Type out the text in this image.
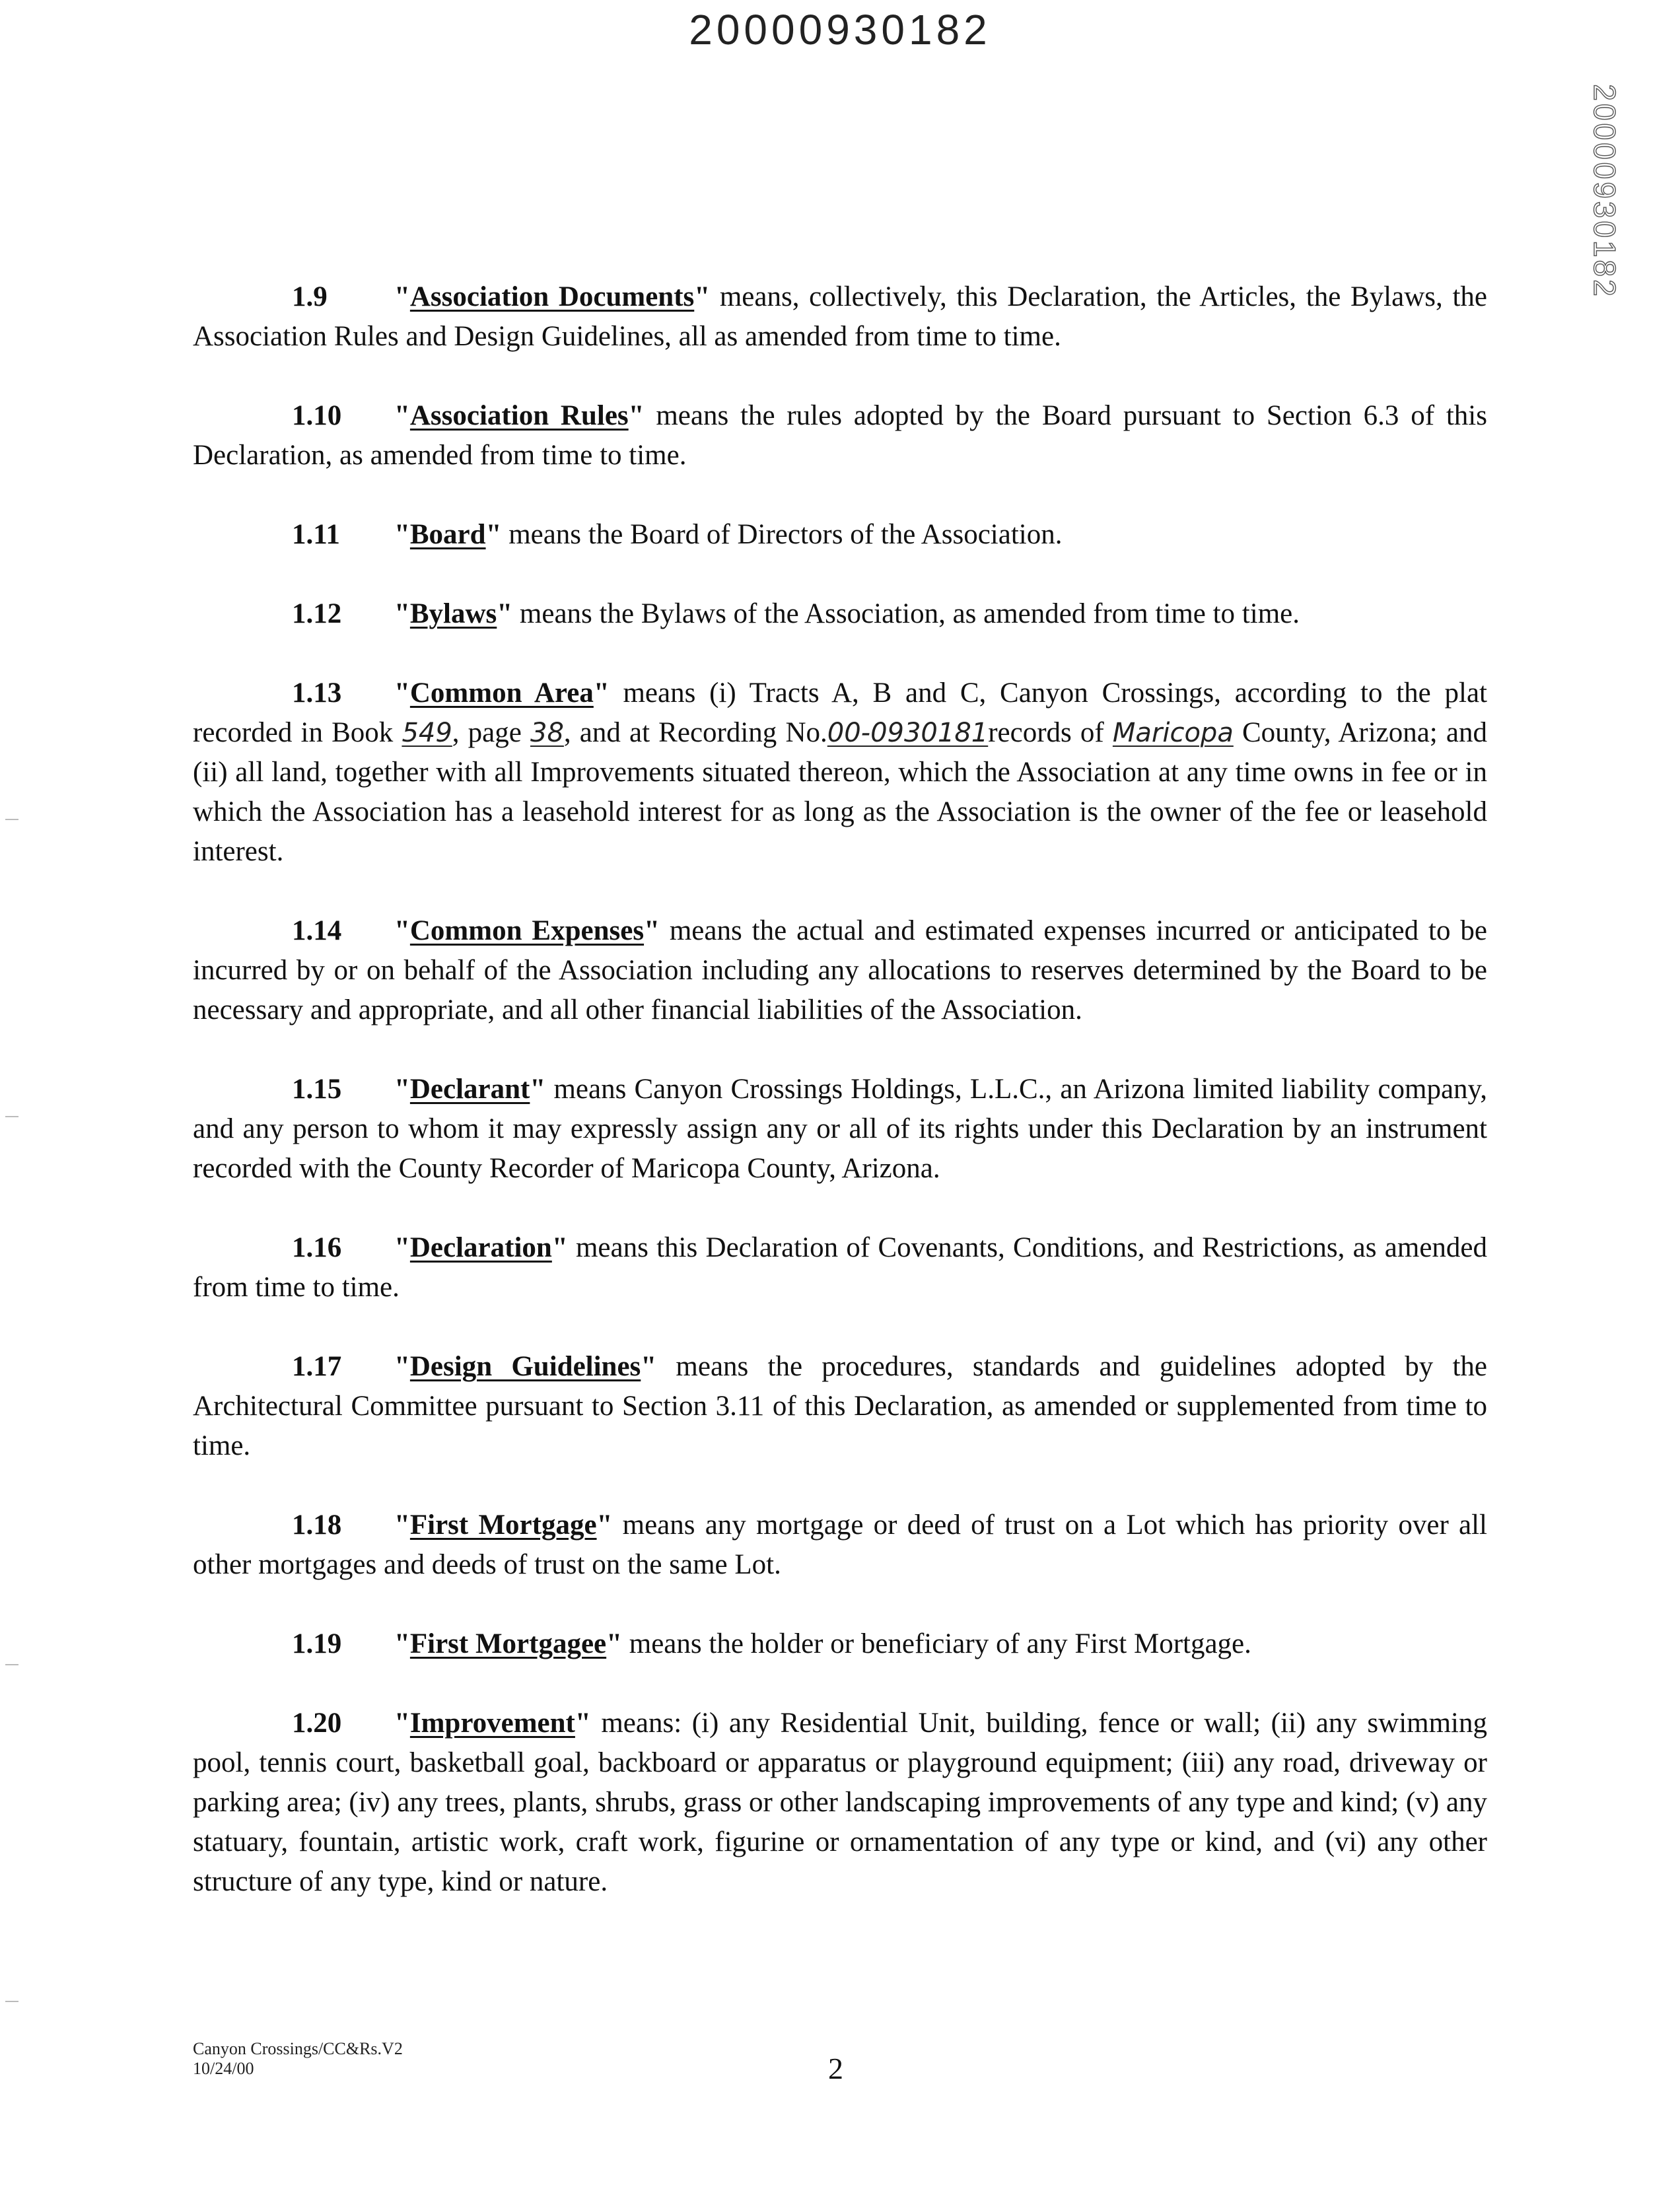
20000930182
20000930182

1.9 "Association Documents" means, collectively, this Declaration, the Articles, the Bylaws, the Association Rules and Design Guidelines, all as amended from time to time.

1.10 "Association Rules" means the rules adopted by the Board pursuant to Section 6.3 of this Declaration, as amended from time to time.

1.11 "Board" means the Board of Directors of the Association.

1.12 "Bylaws" means the Bylaws of the Association, as amended from time to time.

1.13 "Common Area" means (i) Tracts A, B and C, Canyon Crossings, according to the plat recorded in Book 549, page 38, and at Recording No.00-0930181records of Maricopa County, Arizona; and (ii) all land, together with all Improvements situated thereon, which the Association at any time owns in fee or in which the Association has a leasehold interest for as long as the Association is the owner of the fee or leasehold interest.

1.14 "Common Expenses" means the actual and estimated expenses incurred or anticipated to be incurred by or on behalf of the Association including any allocations to reserves determined by the Board to be necessary and appropriate, and all other financial liabilities of the Association.

1.15 "Declarant" means Canyon Crossings Holdings, L.L.C., an Arizona limited liability company, and any person to whom it may expressly assign any or all of its rights under this Declaration by an instrument recorded with the County Recorder of Maricopa County, Arizona.

1.16 "Declaration" means this Declaration of Covenants, Conditions, and Restrictions, as amended from time to time.

1.17 "Design Guidelines" means the procedures, standards and guidelines adopted by the Architectural Committee pursuant to Section 3.11 of this Declaration, as amended or supplemented from time to time.

1.18 "First Mortgage" means any mortgage or deed of trust on a Lot which has priority over all other mortgages and deeds of trust on the same Lot.

1.19 "First Mortgagee" means the holder or beneficiary of any First Mortgage.

1.20 "Improvement" means: (i) any Residential Unit, building, fence or wall; (ii) any swimming pool, tennis court, basketball goal, backboard or apparatus or playground equipment; (iii) any road, driveway or parking area; (iv) any trees, plants, shrubs, grass or other landscaping improvements of any type and kind; (v) any statuary, fountain, artistic work, craft work, figurine or ornamentation of any type or kind, and (vi) any other structure of any type, kind or nature.

Canyon Crossings/CC&Rs.V2
10/24/00	2
